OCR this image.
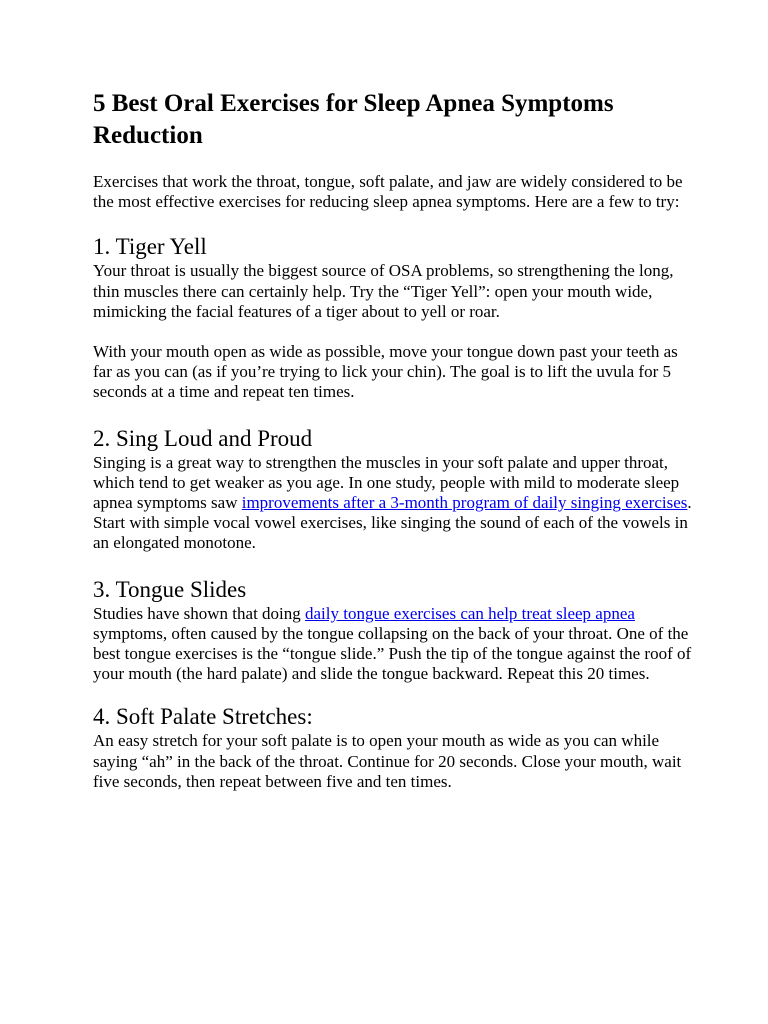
5 Best Oral Exercises for Sleep Apnea Symptoms Reduction

Exercises that work the throat, tongue, soft palate, and jaw are widely considered to be the most effective exercises for reducing sleep apnea symptoms. Here are a few to try:

1. Tiger Yell

Your throat is usually the biggest source of OSA problems, so strengthening the long, thin muscles there can certainly help. Try the “Tiger Yell”: open your mouth wide, mimicking the facial features of a tiger about to yell or roar.

With your mouth open as wide as possible, move your tongue down past your teeth as far as you can (as if you’re trying to lick your chin). The goal is to lift the uvula for 5 seconds at a time and repeat ten times.

2. Sing Loud and Proud

Singing is a great way to strengthen the muscles in your soft palate and upper throat, which tend to get weaker as you age. In one study, people with mild to moderate sleep apnea symptoms saw improvements after a 3-month program of daily singing exercises.

Start with simple vocal vowel exercises, like singing the sound of each of the vowels in an elongated monotone.

3. Tongue Slides

Studies have shown that doing daily tongue exercises can help treat sleep apnea symptoms, often caused by the tongue collapsing on the back of your throat. One of the best tongue exercises is the “tongue slide.” Push the tip of the tongue against the roof of your mouth (the hard palate) and slide the tongue backward. Repeat this 20 times.

4. Soft Palate Stretches:

An easy stretch for your soft palate is to open your mouth as wide as you can while saying “ah” in the back of the throat. Continue for 20 seconds. Close your mouth, wait five seconds, then repeat between five and ten times.
